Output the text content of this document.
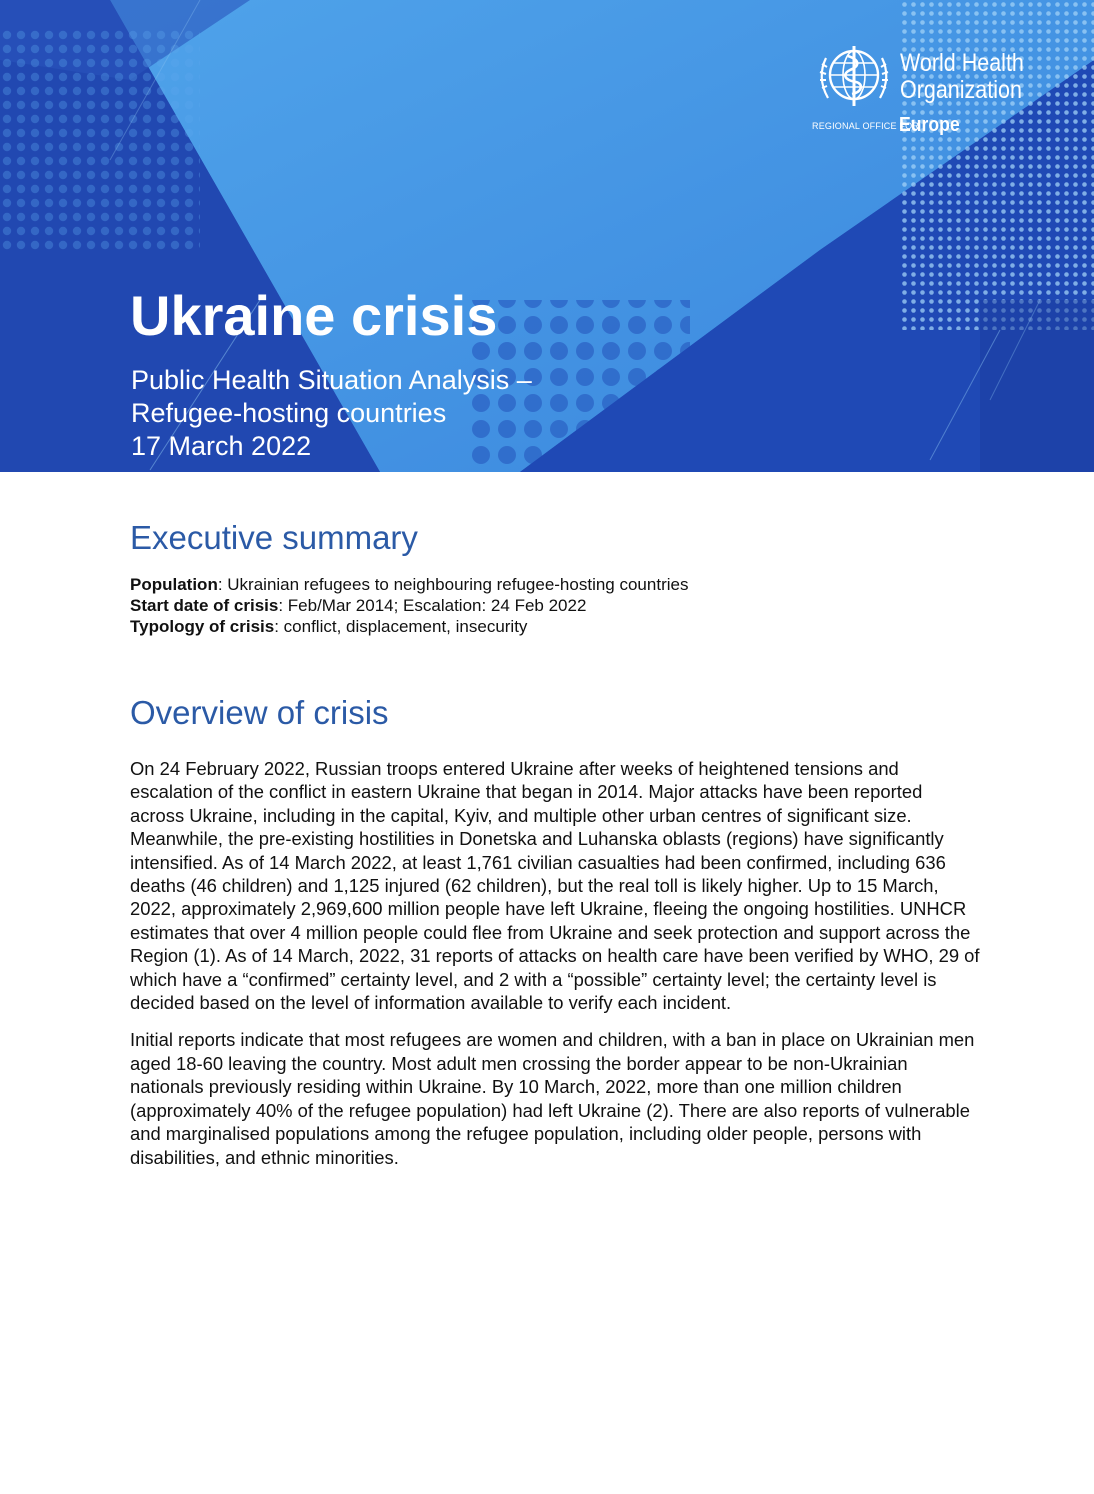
World Health
Organization
REGIONAL OFFICE FOR
Europe
Ukraine crisis
Public Health Situation Analysis –
Refugee-hosting countries
17 March 2022
Executive summary
Population: Ukrainian refugees to neighbouring refugee-hosting countries
Start date of crisis: Feb/Mar 2014; Escalation: 24 Feb 2022
Typology of crisis: conflict, displacement, insecurity
Overview of crisis

On 24 February 2022, Russian troops entered Ukraine after weeks of heightened tensions and escalation of the conflict in eastern Ukraine that began in 2014. Major attacks have been reported across Ukraine, including in the capital, Kyiv, and multiple other urban centres of significant size. Meanwhile, the pre-existing hostilities in Donetska and Luhanska oblasts (regions) have significantly intensified. As of 14 March 2022, at least 1,761 civilian casualties had been confirmed, including 636 deaths (46 children) and 1,125 injured (62 children), but the real toll is likely higher. Up to 15 March, 2022, approximately 2,969,600 million people have left Ukraine, fleeing the ongoing hostilities. UNHCR estimates that over 4 million people could flee from Ukraine and seek protection and support across the Region (1). As of 14 March, 2022, 31 reports of attacks on health care have been verified by WHO, 29 of which have a “confirmed” certainty level, and 2 with a “possible” certainty level; the certainty level is decided based on the level of information available to verify each incident.

Initial reports indicate that most refugees are women and children, with a ban in place on Ukrainian men aged 18-60 leaving the country. Most adult men crossing the border appear to be non-Ukrainian nationals previously residing within Ukraine. By 10 March, 2022, more than one million children (approximately 40% of the refugee population) had left Ukraine (2). There are also reports of vulnerable and marginalised populations among the refugee population, including older people, persons with disabilities, and ethnic minorities.
